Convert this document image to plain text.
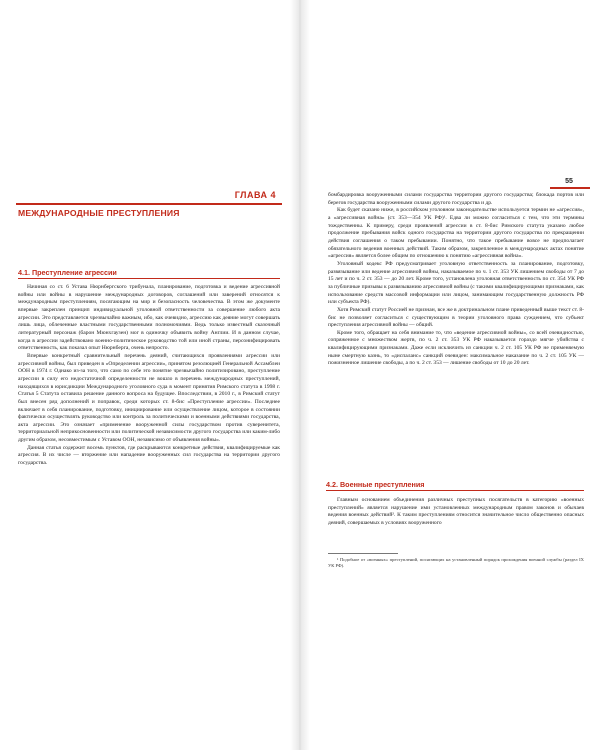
55
ГЛАВА 4
МЕЖДУНАРОДНЫЕ ПРЕСТУПЛЕНИЯ
4.1. Преступление агрессии

Начиная со ст. 6 Устава Нюрнбергского трибунала, планирование, подготовка и ведение агрессивной войны или войны в нарушение международных договоров, соглашений или заверений относятся к международным преступлениям, посягающим на мир и безопасность человечества. В этом же документе впервые закреплен принцип индивидуальной уголовной ответственности за совершение любого акта агрессии. Это представляется чрезвычайно важным, ибо, как очевидно, агрессию как деяние могут совершать лишь лица, облеченные властными государственными полномочиями. Ведь только известный сказочный литературный персонаж (барон Мюнхгаузен) мог в одиночку объявить войну Англии. И в данном случае, когда в агрессии задействовано военно-политическое руководство той или иной страны, персонифицировать ответственность, как показал опыт Нюрнберга, очень непросто.

Впервые конкретный сравнительный перечень деяний, считающихся проявлениями агрессии или агрессивной войны, был приведен в «Определении агрессии», принятом резолюцией Генеральной Ассамблеи ООН в 1974 г. Однако из-за того, что само по себе это понятие чрезвычайно политизировано, преступление агрессии в силу его недостаточной определенности не вошло в перечень международных преступлений, находящихся в юрисдикции Международного уголовного суда в момент принятия Римского статута в 1998 г. Статья 5 Статута оставила решение данного вопроса на будущее. Впоследствии, в 2010 г., в Римский статут был внесен ряд дополнений и поправок, среди которых ст. 8-бис «Преступление агрессии». Последнее включает в себя планирование, подготовку, инициирование или осуществление лицом, которое в состоянии фактически осуществлять руководство или контроль за политическими и военными действиями государства, акта агрессии. Это означает «применение вооруженной силы государством против суверенитета, территориальной неприкосновенности или политической независимости другого государства или каким-либо другим образом, несовместимым с Уставом ООН, независимо от объявления войны».

Данная статья содержит восемь пунктов, где раскрываются конкретные действия, квалифицируемые как агрессия. В их числе — вторжение или нападение вооруженных сил государства на территории другого государства.

бомбардировка вооруженными силами государства территории другого государства; блокада портов или берегов государства вооруженными силами другого государства и др.

Как будет сказано ниже, в российском уголовном законодательстве используется термин не «агрессия», а «агрессивная война» (ст. 353—354 УК РФ)¹. Едва ли можно согласиться с тем, что эти термины тождественны. К примеру, среди проявлений агрессии в ст. 8-бис Римского статута указано любое продолжение пребывания войск одного государства на территории другого государства по прекращении действия соглашения о таком пребывании. Понятно, что такое пребывание вовсе не предполагает обязательного ведения военных действий. Таким образом, закрепленное в международных актах понятие «агрессия» является более общим по отношению к понятию «агрессивная война».

Уголовный кодекс РФ предусматривает уголовную ответственность за планирование, подготовку, развязывание или ведение агрессивной войны, наказываемое по ч. 1 ст. 353 УК лишением свободы от 7 до 15 лет и по ч. 2 ст. 353 — до 20 лет. Кроме того, установлена уголовная ответственность по ст. 354 УК РФ за публичные призывы к развязыванию агрессивной войны (с такими квалифицирующими признаками, как использование средств массовой информации или лицом, занимающим государственную должность РФ или субъекта РФ).

Хотя Римский статут Россией не признан, все же в доктринальном плане приведенный выше текст ст. 8-бис не позволяет согласиться с существующим в теории уголовного права суждением, что субъект преступления агрессивной войны — общий.

Кроме того, обращает на себя внимание то, что «ведение агрессивной войны», со всей очевидностью, сопряженное с множеством жертв, по ч. 2 ст. 353 УК РФ наказывается гораздо мягче убийства с квалифицирующими признаками. Даже если исключить из санкции ч. 2 ст. 105 УК РФ не применяемую ныне смертную казнь, то «диспаланс» санкций очевиден: максимальное наказание по ч. 2 ст. 105 УК — пожизненное лишение свободы, а по ч. 2 ст. 353 — лишение свободы от 10 до 20 лет.

4.2. Военные преступления

Главным основанием объединения различных преступных посягательств в категорию «военных преступлений» является нарушение ими установленных международным правом законов и обычаев ведения военных действий². К таким преступлениям относится значительное число общественно опасных деяний, совершаемых в условиях вооруженного

¹ Подобное от «военных» преступлений, посягающих на установленный порядок прохождения военной службы (раздел IX УК РФ).
